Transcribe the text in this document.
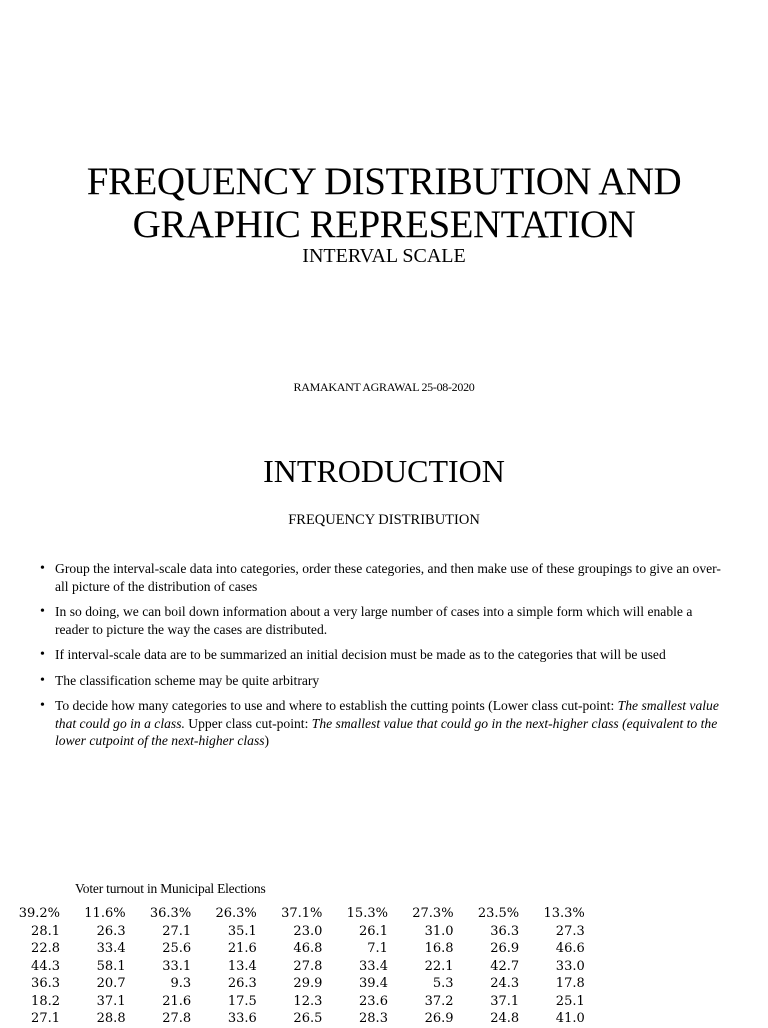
FREQUENCY DISTRIBUTION AND
GRAPHIC REPRESENTATION
INTERVAL SCALE
RAMAKANT AGRAWAL 25-08-2020
INTRODUCTION
FREQUENCY DISTRIBUTION
• Group the interval-scale data into categories, order these categories, and then make use of these groupings to give an over-all picture of the distribution of cases
• In so doing, we can boil down information about a very large number of cases into a simple form which will enable a reader to picture the way the cases are distributed.
• If interval-scale data are to be summarized an initial decision must be made as to the categories that will be used
• The classification scheme may be quite arbitrary
• To decide how many categories to use and where to establish the cutting points (Lower class cut-point: The smallest value that could go in a class. Upper class cut-point: The smallest value that could go in the next-higher class (equivalent to the lower cutpoint of the next-higher class)
Voter turnout in Municipal Elections
39.2%	11.6%	36.3%	26.3%	37.1%	15.3%	27.3%	23.5%	13.3%
28.1	26.3	27.1	35.1	23.0	26.1	31.0	36.3	27.3
22.8	33.4	25.6	21.6	46.8	7.1	16.8	26.9	46.6
44.3	58.1	33.1	13.4	27.8	33.4	22.1	42.7	33.0
36.3	20.7	9.3	26.3	29.9	39.4	5.3	24.3	17.8
18.2	37.1	21.6	17.5	12.3	23.6	37.2	37.1	25.1
27.1	28.8	27.8	33.6	26.5	28.3	26.9	24.8	41.0
